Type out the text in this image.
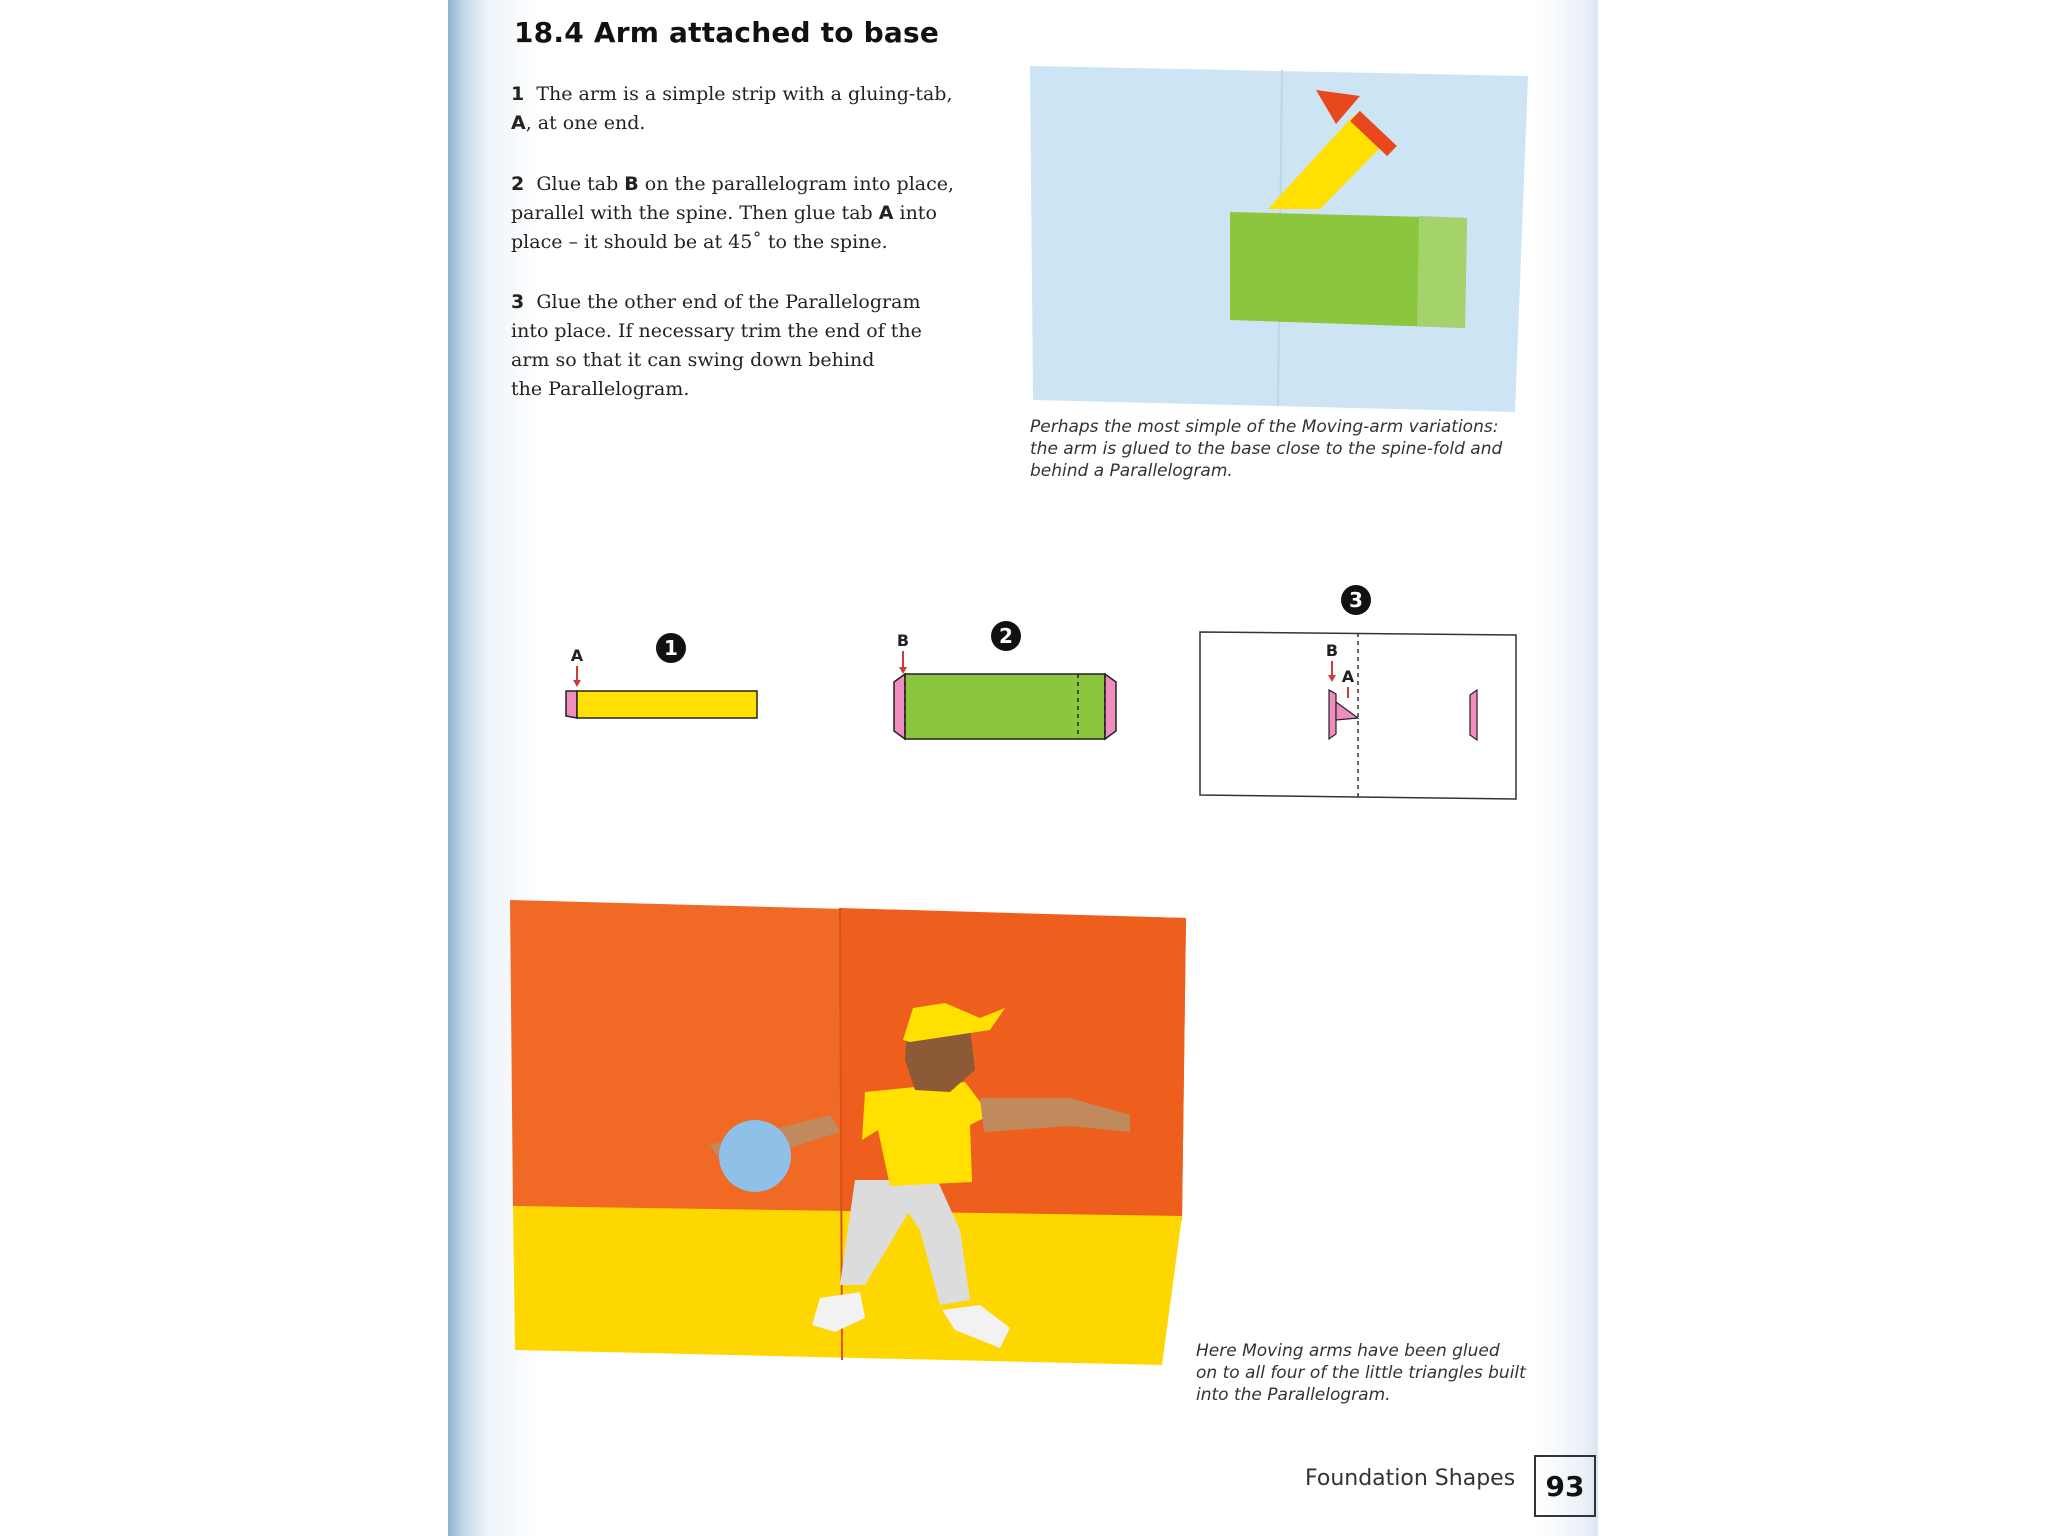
18.4 Arm attached to base

1 The arm is a simple strip with a gluing-tab,
A, at one end.

2 Glue tab B on the parallelogram into place,
parallel with the spine. Then glue tab A into
place – it should be at 45˚ to the spine.

3 Glue the other end of the Parallelogram
into place. If necessary trim the end of the
arm so that it can swing down behind
the Parallelogram.

Perhaps the most simple of the Moving-arm variations:
the arm is glued to the base close to the spine-fold and
behind a Parallelogram.

1
A
2
B
3
B
A

Here Moving arms have been glued
on to all four of the little triangles built
into the Parallelogram.

Foundation Shapes	93
